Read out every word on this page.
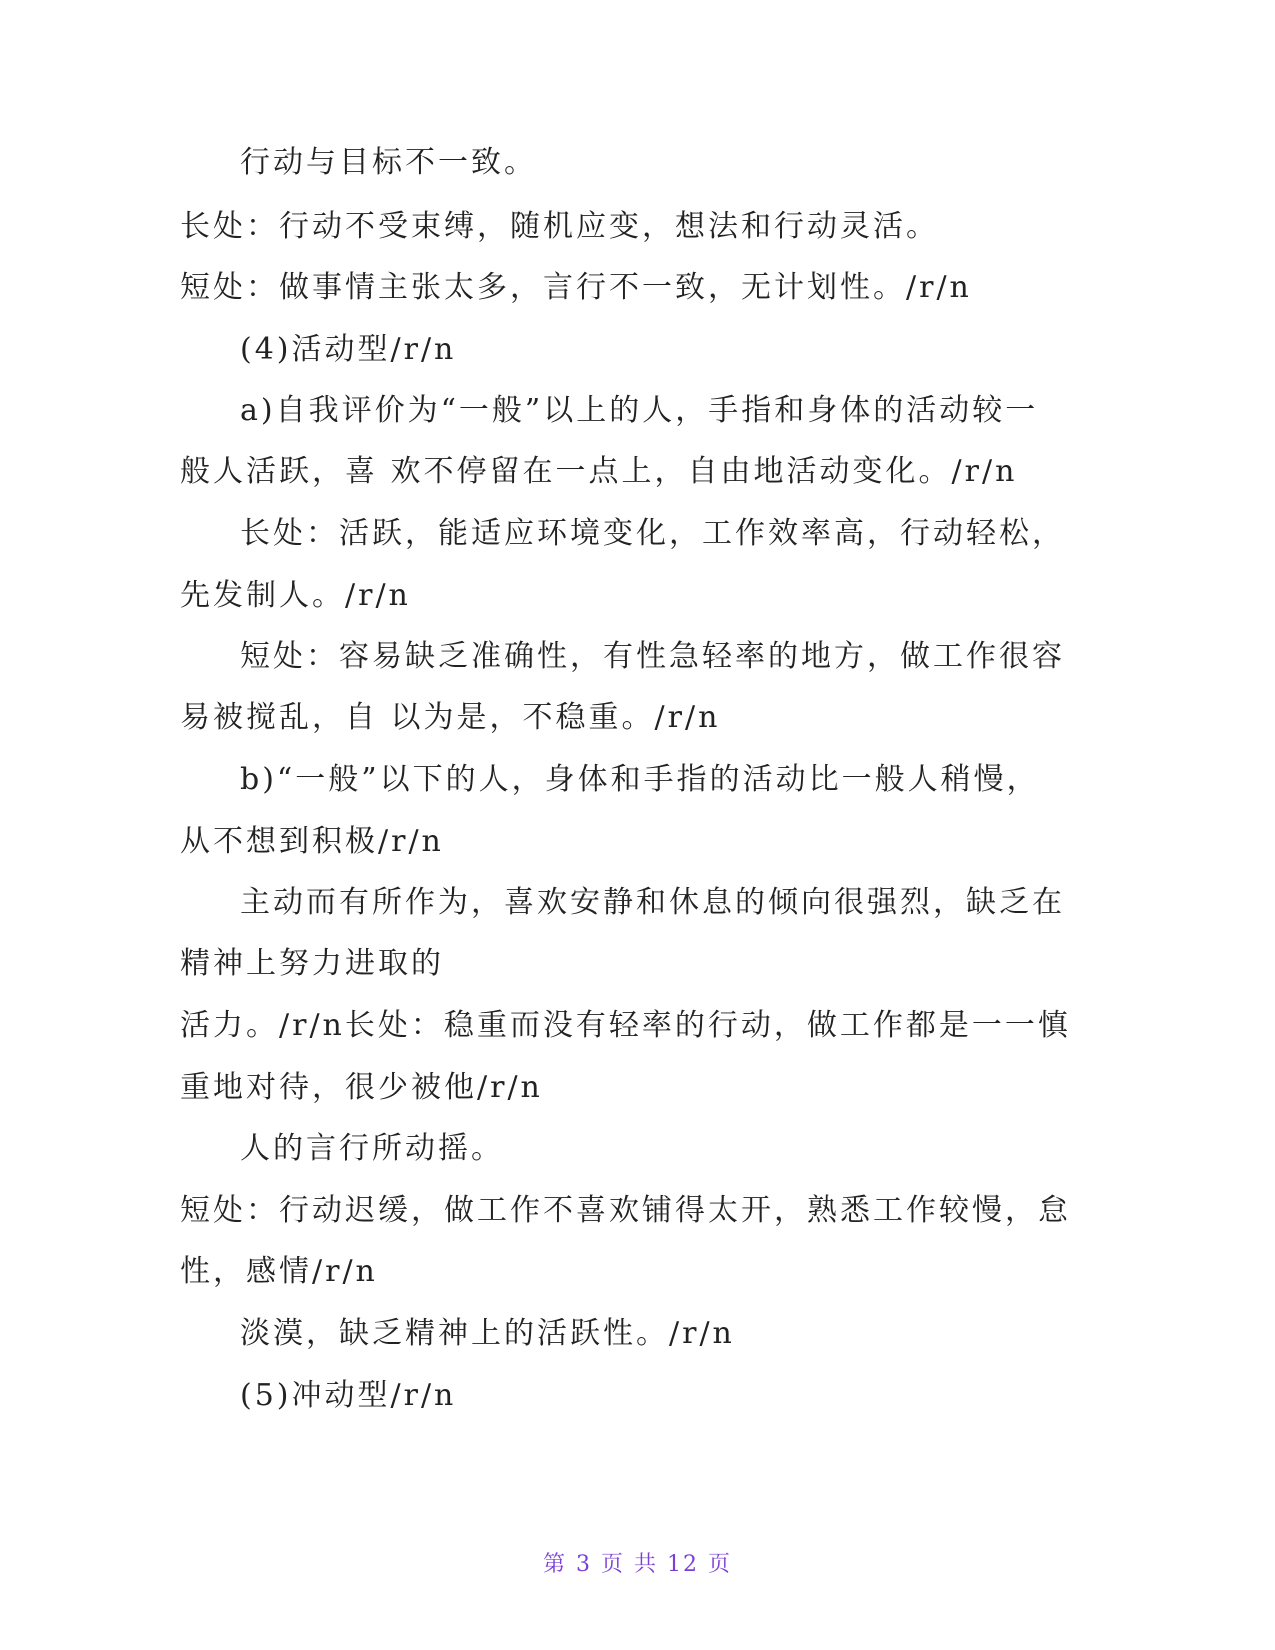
行动与目标不一致。
长处：行动不受束缚，随机应变，想法和行动灵活。
短处：做事情主张太多，言行不一致，无计划性。/r/n
(4)活动型/r/n
a)自我评价为“一般”以上的人，手指和身体的活动较一
般人活跃，喜 欢不停留在一点上，自由地活动变化。/r/n
长处：活跃，能适应环境变化，工作效率高，行动轻松，
先发制人。/r/n
短处：容易缺乏准确性，有性急轻率的地方，做工作很容
易被搅乱，自 以为是，不稳重。/r/n
b)“一般”以下的人，身体和手指的活动比一般人稍慢，
从不想到积极/r/n
主动而有所作为，喜欢安静和休息的倾向很强烈，缺乏在
精神上努力进取的
活力。/r/n长处：稳重而没有轻率的行动，做工作都是一一慎
重地对待，很少被他/r/n
人的言行所动摇。
短处：行动迟缓，做工作不喜欢铺得太开，熟悉工作较慢，怠
性，感情/r/n
淡漠，缺乏精神上的活跃性。/r/n
(5)冲动型/r/n
第 3 页 共 12 页
